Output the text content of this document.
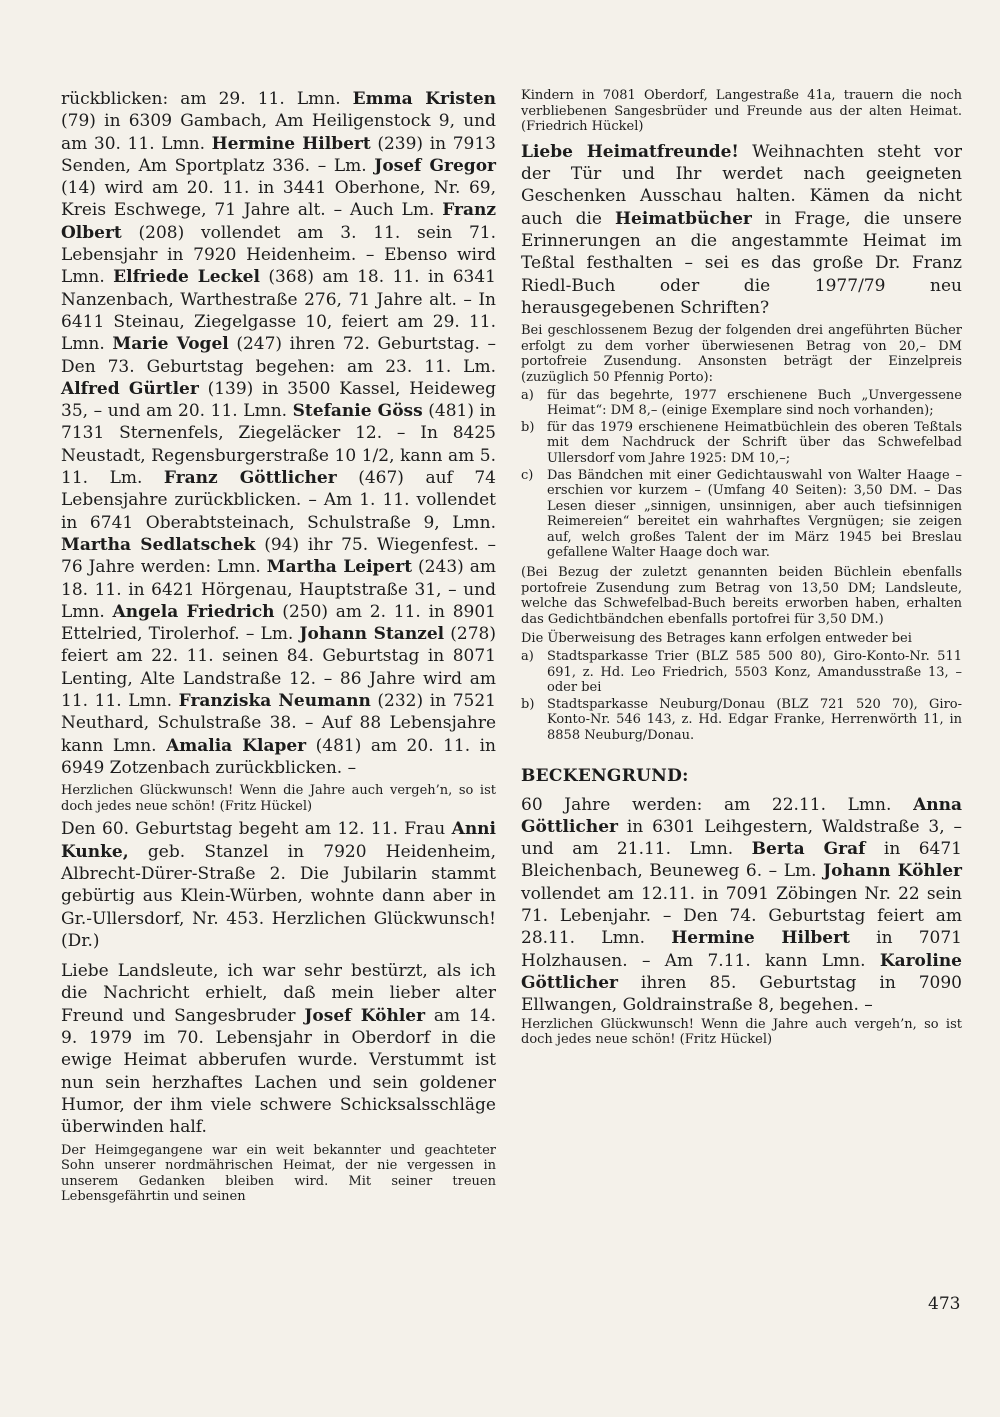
rückblicken: am 29. 11. Lmn. Emma Kristen (79) in 6309 Gambach, Am Heiligenstock 9, und am 30. 11. Lmn. Hermine Hilbert (239) in 7913 Senden, Am Sportplatz 336. – Lm. Josef Gregor (14) wird am 20. 11. in 3441 Oberhone, Nr. 69, Kreis Eschwege, 71 Jahre alt. – Auch Lm. Franz Olbert (208) vollendet am 3. 11. sein 71. Lebensjahr in 7920 Heidenheim. – Ebenso wird Lmn. Elfriede Leckel (368) am 18. 11. in 6341 Nanzenbach, Warthestraße 276, 71 Jahre alt. – In 6411 Steinau, Ziegelgasse 10, feiert am 29. 11. Lmn. Marie Vogel (247) ihren 72. Geburtstag. – Den 73. Geburtstag begehen: am 23. 11. Lm. Alfred Gürtler (139) in 3500 Kassel, Heideweg 35, – und am 20. 11. Lmn. Stefanie Göss (481) in 7131 Sternenfels, Ziegeläcker 12. – In 8425 Neustadt, Regensburgerstraße 10 1/2, kann am 5. 11. Lm. Franz Göttlicher (467) auf 74 Lebensjahre zurückblicken. – Am 1. 11. vollendet in 6741 Oberabtsteinach, Schulstraße 9, Lmn. Martha Sedlatschek (94) ihr 75. Wiegenfest. – 76 Jahre werden: Lmn. Martha Leipert (243) am 18. 11. in 6421 Hörgenau, Hauptstraße 31, – und Lmn. Angela Friedrich (250) am 2. 11. in 8901 Ettelried, Tirolerhof. – Lm. Johann Stanzel (278) feiert am 22. 11. seinen 84. Geburtstag in 8071 Lenting, Alte Landstraße 12. – 86 Jahre wird am 11. 11. Lmn. Franziska Neumann (232) in 7521 Neuthard, Schulstraße 38. – Auf 88 Lebensjahre kann Lmn. Amalia Klaper (481) am 20. 11. in 6949 Zotzenbach zurückblicken. –

Herzlichen Glückwunsch! Wenn die Jahre auch vergeh’n, so ist doch jedes neue schön! (Fritz Hückel)

Den 60. Geburtstag begeht am 12. 11. Frau Anni Kunke, geb. Stanzel in 7920 Heidenheim, Albrecht-Dürer-Straße 2. Die Jubilarin stammt gebürtig aus Klein-Würben, wohnte dann aber in Gr.-Ullersdorf, Nr. 453. Herzlichen Glückwunsch! (Dr.)

Liebe Landsleute, ich war sehr bestürzt, als ich die Nachricht erhielt, daß mein lieber alter Freund und Sangesbruder Josef Köhler am 14. 9. 1979 im 70. Lebensjahr in Oberdorf in die ewige Heimat abberufen wurde. Verstummt ist nun sein herzhaftes Lachen und sein goldener Humor, der ihm viele schwere Schicksalsschläge überwinden half.

Der Heimgegangene war ein weit bekannter und geachteter Sohn unserer nordmährischen Heimat, der nie vergessen in unserem Gedanken bleiben wird. Mit seiner treuen Lebensgefährtin und seinen

Kindern in 7081 Oberdorf, Langestraße 41a, trauern die noch verbliebenen Sangesbrüder und Freunde aus der alten Heimat. (Friedrich Hückel)

Liebe Heimatfreunde! Weihnachten steht vor der Tür und Ihr werdet nach geeigneten Geschenken Ausschau halten. Kämen da nicht auch die Heimatbücher in Frage, die unsere Erinnerungen an die angestammte Heimat im Teßtal festhalten – sei es das große Dr. Franz Riedl-Buch oder die 1977/79 neu herausgegebenen Schriften?

Bei geschlossenem Bezug der folgenden drei angeführten Bücher erfolgt zu dem vorher überwiesenen Betrag von 20,– DM portofreie Zusendung. Ansonsten beträgt der Einzelpreis (zuzüglich 50 Pfennig Porto):

a)	für das begehrte, 1977 erschienene Buch „Unvergessene Heimat“: DM 8,– (einige Exemplare sind noch vorhanden);
b) für das 1979 erschienene Heimatbüchlein des oberen Teßtals mit dem Nachdruck der Schrift über das Schwefelbad Ullersdorf vom Jahre 1925: DM 10,–;
c)	Das Bändchen mit einer Gedichtauswahl von Walter Haage – erschien vor kurzem – (Umfang 40 Seiten): 3,50 DM. – Das Lesen dieser „sinnigen, unsinnigen, aber auch tiefsinnigen Reimereien“ bereitet ein wahrhaftes Vergnügen; sie zeigen auf, welch großes Talent der im März 1945 bei Breslau gefallene Walter Haage doch war.

(Bei Bezug der zuletzt genannten beiden Büchlein ebenfalls portofreie Zusendung zum Betrag von 13,50 DM; Landsleute, welche das Schwefelbad-Buch bereits erworben haben, erhalten das Gedichtbändchen ebenfalls portofrei für 3,50 DM.)

Die Überweisung des Betrages kann erfolgen entweder bei

a)	Stadtsparkasse Trier (BLZ 585 500 80), Giro-Konto-Nr. 511 691, z. Hd. Leo Friedrich, 5503 Konz, Amandusstraße 13, – oder bei
b) Stadtsparkasse Neuburg/Donau (BLZ 721 520 70), Giro-Konto-Nr. 546 143, z. Hd. Edgar Franke, Herrenwörth 11, in 8858 Neuburg/Donau.
BECKENGRUND:

60 Jahre werden: am 22.11. Lmn. Anna Göttlicher in 6301 Leihgestern, Waldstraße 3, – und am 21.11. Lmn. Berta Graf in 6471 Bleichenbach, Beuneweg 6. – Lm. Johann Köhler vollendet am 12.11. in 7091 Zöbingen Nr. 22 sein 71. Lebenjahr. – Den 74. Geburtstag feiert am 28.11. Lmn. Hermine Hilbert in 7071 Holzhausen. – Am 7.11. kann Lmn. Karoline Göttlicher ihren 85. Geburtstag in 7090 Ellwangen, Goldrainstraße 8, begehen. –

Herzlichen Glückwunsch! Wenn die Jahre auch vergeh’n, so ist doch jedes neue schön! (Fritz Hückel)

473
